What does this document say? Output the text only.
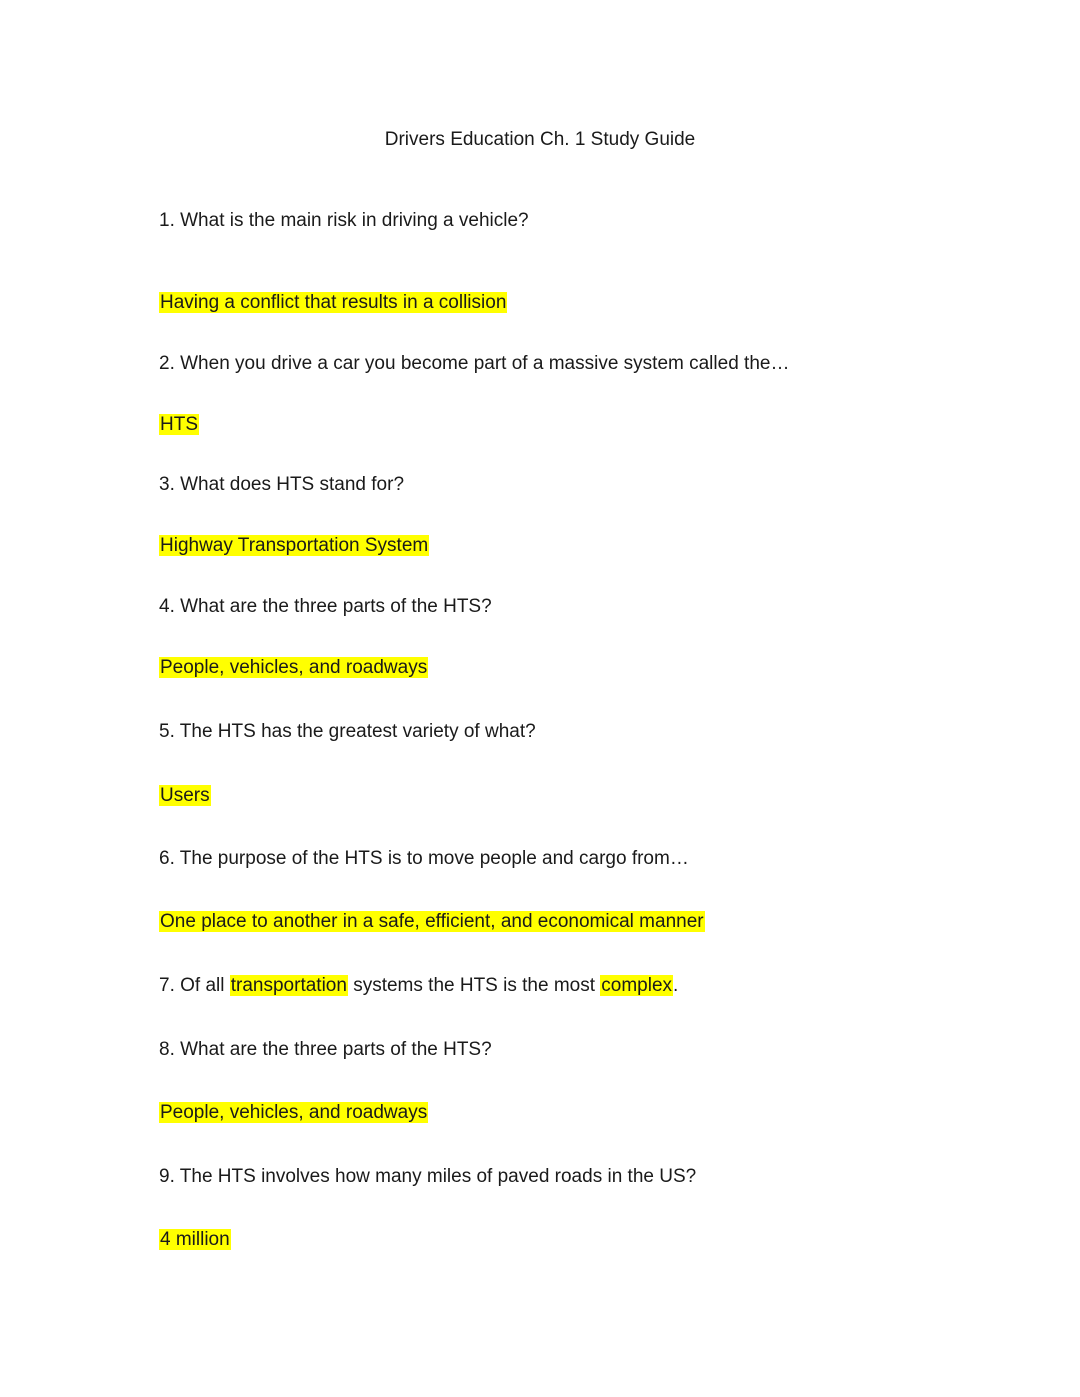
Drivers Education Ch. 1 Study Guide
1. What is the main risk in driving a vehicle?
Having a conflict that results in a collision
2. When you drive a car you become part of a massive system called the…
HTS
3. What does HTS stand for?
Highway Transportation System
4. What are the three parts of the HTS?
People, vehicles, and roadways
5. The HTS has the greatest variety of what?
Users
6. The purpose of the HTS is to move people and cargo from…
One place to another in a safe, efficient, and economical manner
7. Of all transportation systems the HTS is the most complex.
8. What are the three parts of the HTS?
People, vehicles, and roadways
9. The HTS involves how many miles of paved roads in the US?
4 million
